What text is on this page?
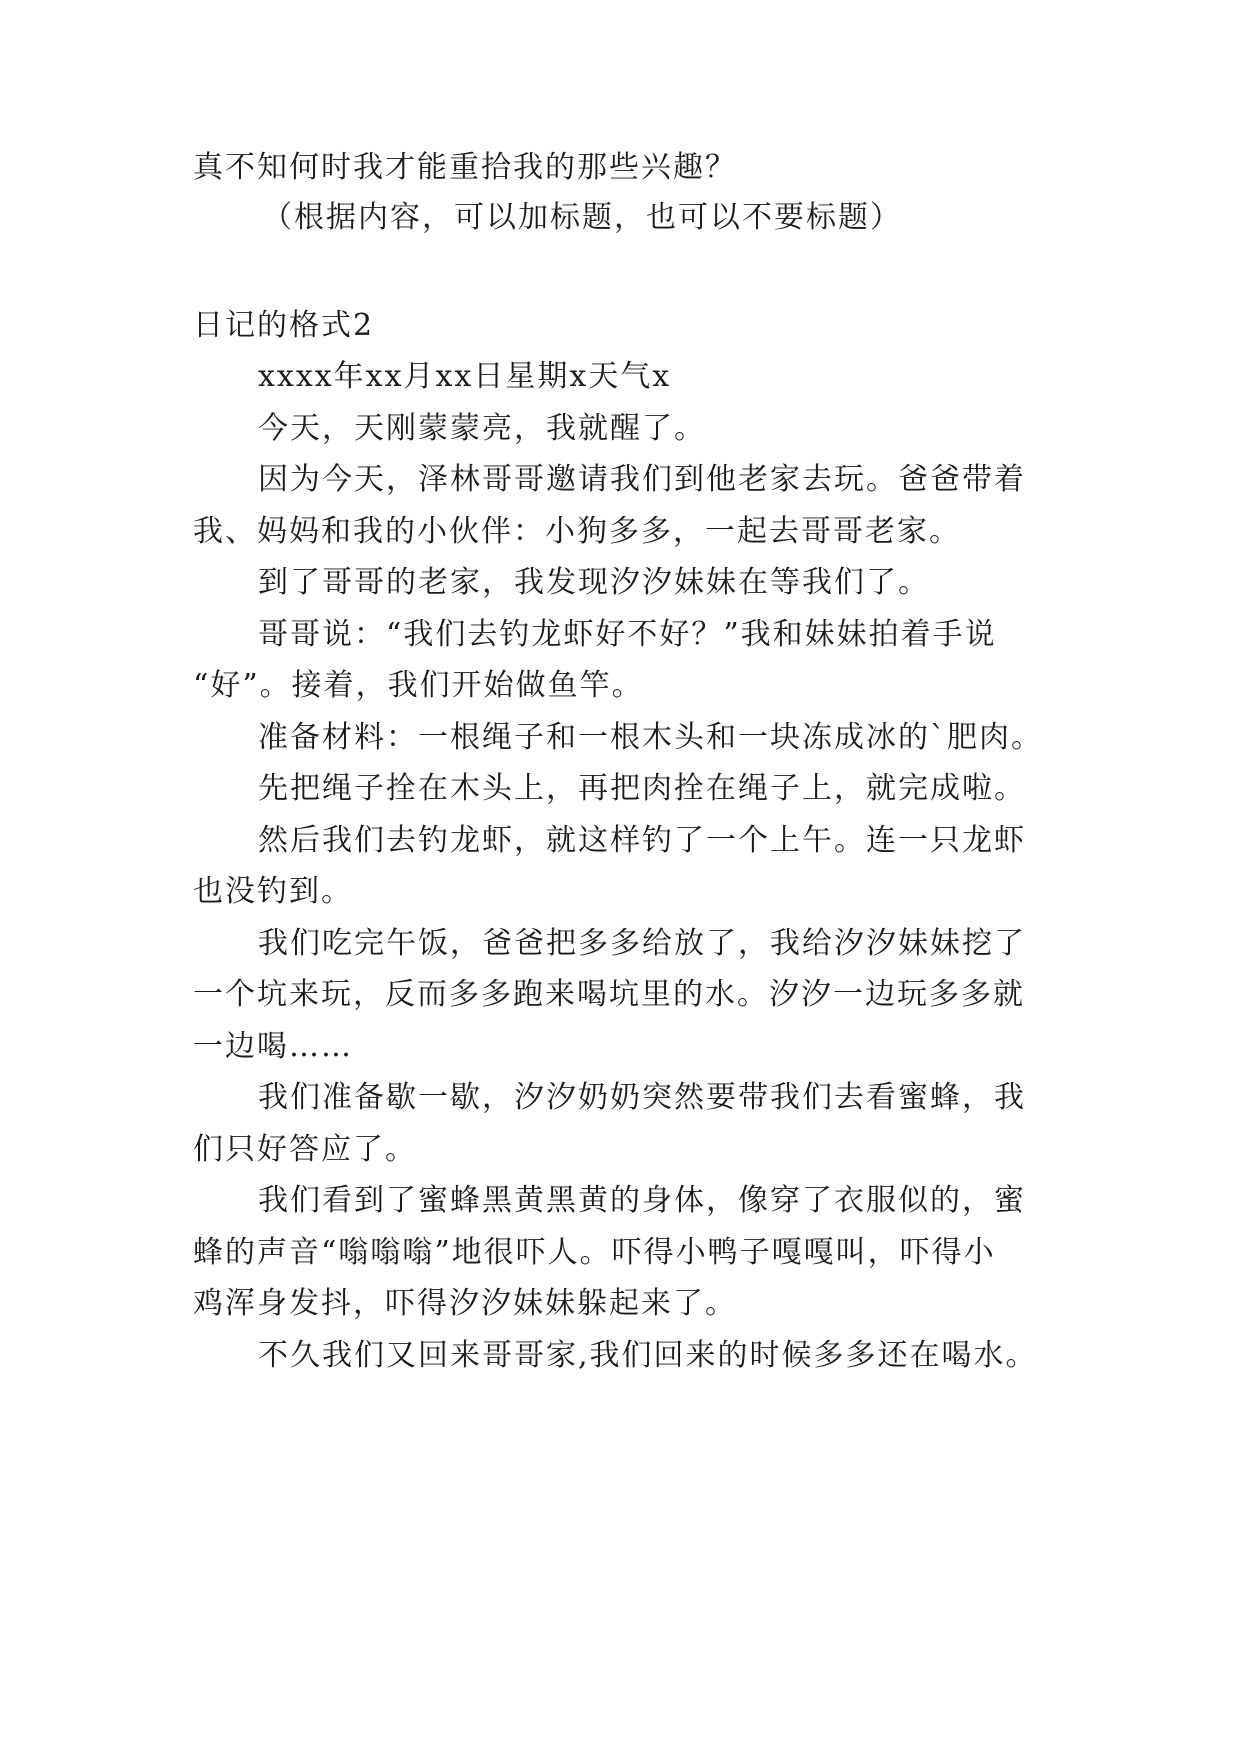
真不知何时我才能重拾我的那些兴趣？

（根据内容，可以加标题，也可以不要标题）

日记的格式2

xxxx年xx月xx日星期x天气x

今天，天刚蒙蒙亮，我就醒了。

因为今天，泽林哥哥邀请我们到他老家去玩。爸爸带着

我、妈妈和我的小伙伴：小狗多多，一起去哥哥老家。

到了哥哥的老家，我发现汐汐妹妹在等我们了。

哥哥说：“我们去钓龙虾好不好？”我和妹妹拍着手说

“好”。接着，我们开始做鱼竿。

准备材料：一根绳子和一根木头和一块冻成冰的`肥肉。

先把绳子拴在木头上，再把肉拴在绳子上，就完成啦。

然后我们去钓龙虾，就这样钓了一个上午。连一只龙虾

也没钓到。

我们吃完午饭，爸爸把多多给放了，我给汐汐妹妹挖了

一个坑来玩，反而多多跑来喝坑里的水。汐汐一边玩多多就

一边喝……

我们准备歇一歇，汐汐奶奶突然要带我们去看蜜蜂，我

们只好答应了。

我们看到了蜜蜂黑黄黑黄的身体，像穿了衣服似的，蜜

蜂的声音“嗡嗡嗡”地很吓人。吓得小鸭子嘎嘎叫，吓得小

鸡浑身发抖，吓得汐汐妹妹躲起来了。

不久我们又回来哥哥家,我们回来的时候多多还在喝水。
